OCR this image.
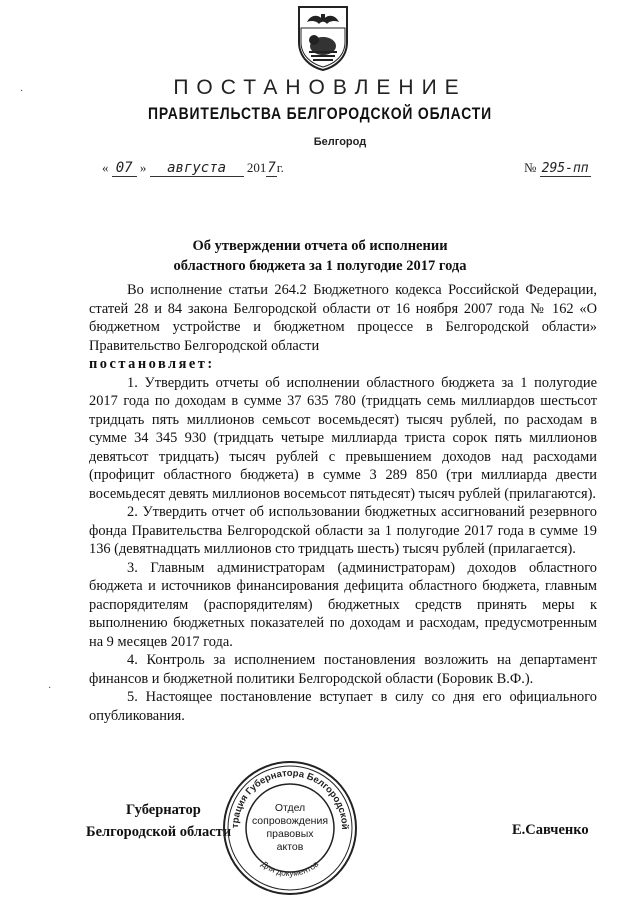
ПОСТАНОВЛЕНИЕ
ПРАВИТЕЛЬСТВА БЕЛГОРОДСКОЙ ОБЛАСТИ
Белгород
« 07 » августа 2017г.	№ 295-пп
Об утверждении отчета об исполнении
областного бюджета за 1 полугодие 2017 года

Во исполнение статьи 264.2 Бюджетного кодекса Российской Федерации, статей 28 и 84 закона Белгородской области от 16 ноября 2007 года № 162 «О бюджетном устройстве и бюджетном процессе в Белгородской области» Правительство Белгородской области

постановляет:

1. Утвердить отчеты об исполнении областного бюджета за 1 полугодие 2017 года по доходам в сумме 37 635 780 (тридцать семь миллиардов шестьсот тридцать пять миллионов семьсот восемьдесят) тысяч рублей, по расходам в сумме 34 345 930 (тридцать четыре миллиарда триста сорок пять миллионов девятьсот тридцать) тысяч рублей с превышением доходов над расходами (профицит областного бюджета) в сумме 3 289 850 (три миллиарда двести восемьдесят девять миллионов восемьсот пятьдесят) тысяч рублей (прилагаются).

2. Утвердить отчет об использовании бюджетных ассигнований резервного фонда Правительства Белгородской области за 1 полугодие 2017 года в сумме 19 136 (девятнадцать миллионов сто тридцать шесть) тысяч рублей (прилагается).

3. Главным администраторам (администраторам) доходов областного бюджета и источников финансирования дефицита областного бюджета, главным распорядителям (распорядителям) бюджетных средств принять меры к выполнению бюджетных показателей по доходам и расходам, предусмотренным на 9 месяцев 2017 года.

4. Контроль за исполнением постановления возложить на департамент финансов и бюджетной политики Белгородской области (Боровик В.Ф.).

5. Настоящее постановление вступает в силу со дня его официального опубликования.

Губернатор
Белгородской области	Е.Савченко
трация Губернатора Белгородской
Для документов
Отдел
сопровождения
правовых
актов
·
·
